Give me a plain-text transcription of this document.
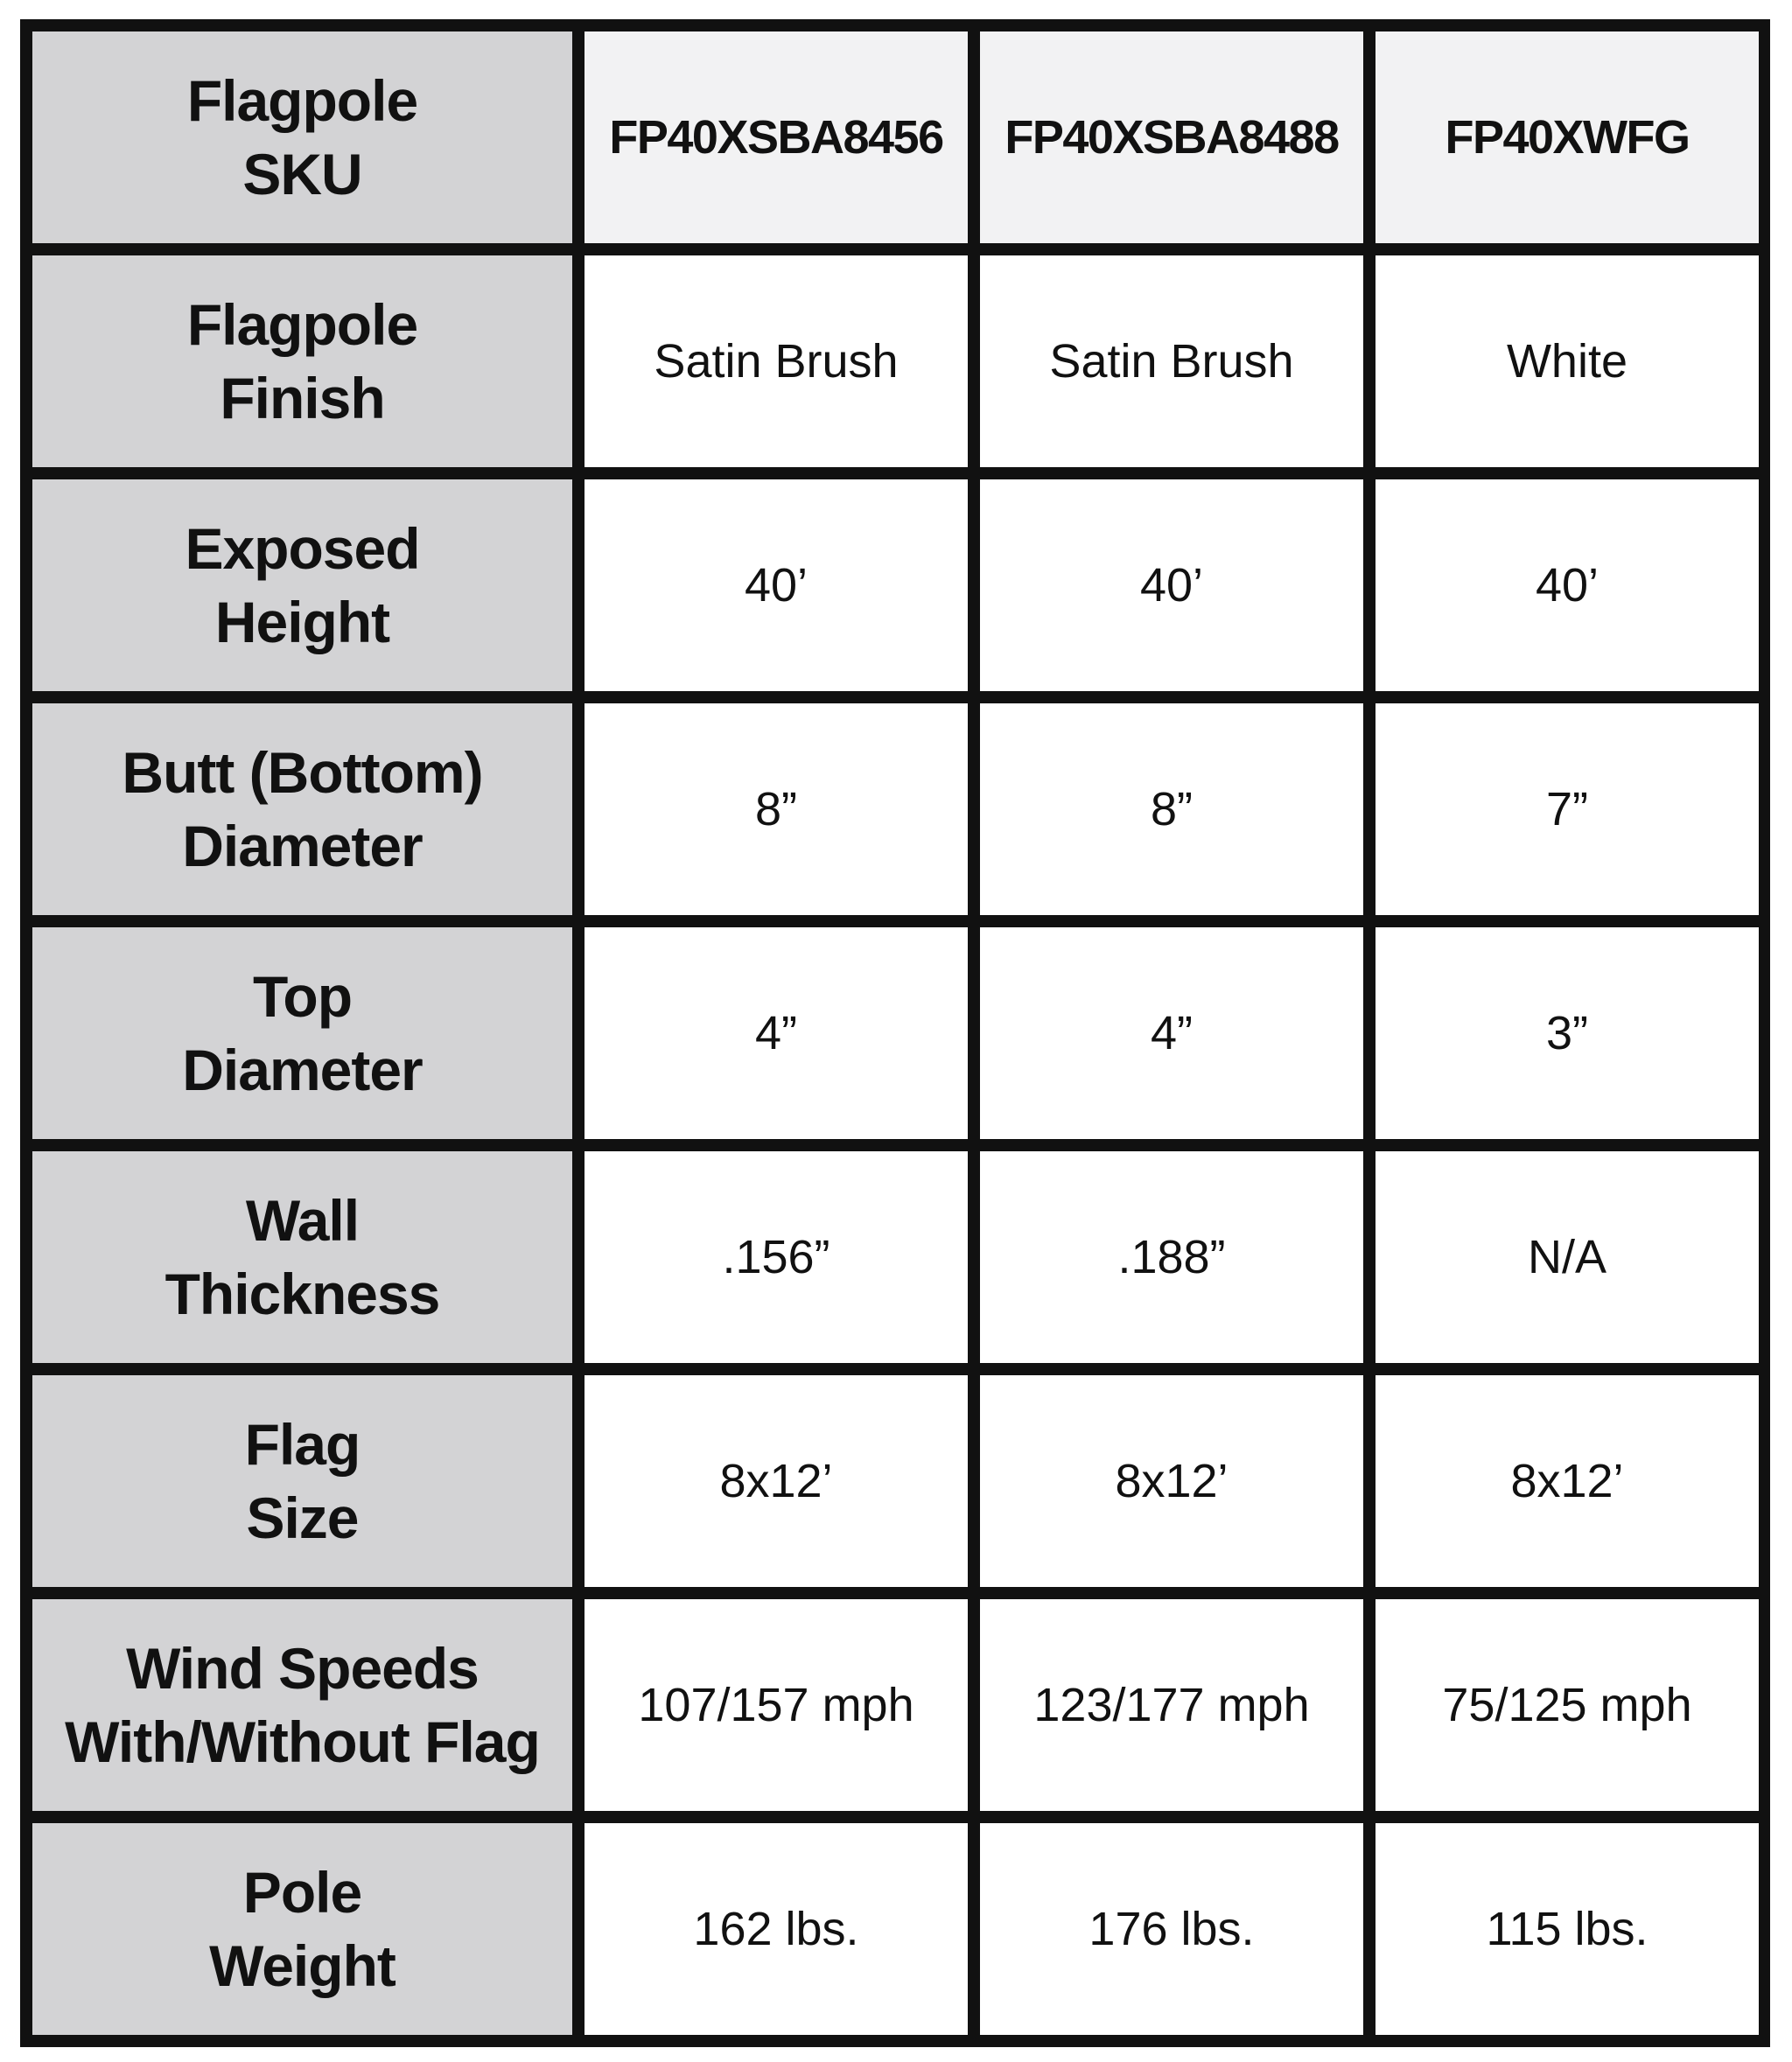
Flagpole
SKU
FP40XSBA8456	FP40XSBA8488	FP40XWFG
Flagpole
Finish
Satin Brush	Satin Brush	White
Exposed
Height
40’	40’	40’
Butt (Bottom)
Diameter
8”	8”	7”
Top
Diameter
4”	4”	3”
Wall
Thickness
.156”	.188”	N/A
Flag
Size
8x12’	8x12’	8x12’
Wind Speeds
With/Without Flag
107/157 mph	123/177 mph	75/125 mph
Pole
Weight
162 lbs.	176 lbs.	115 lbs.
